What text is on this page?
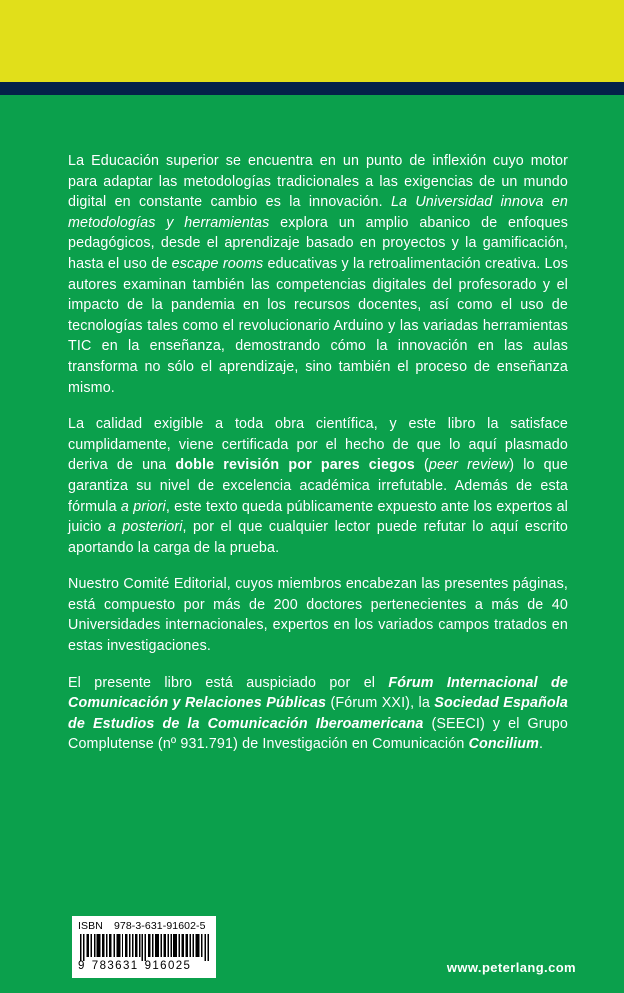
La Educación superior se encuentra en un punto de inflexión cuyo motor para adaptar las metodologías tradicionales a las exigencias de un mundo digital en constante cambio es la innovación. La Universidad innova en metodologías y herramientas explora un amplio abanico de enfoques pedagógicos, desde el aprendizaje basado en proyectos y la gamificación, hasta el uso de escape rooms educativas y la retroalimentación creativa. Los autores examinan también las competencias digitales del profesorado y el impacto de la pandemia en los recursos docentes, así como el uso de tecnologías tales como el revolucionario Arduino y las variadas herramientas TIC en la enseñanza, demostrando cómo la innovación en las aulas transforma no sólo el aprendizaje, sino también el proceso de enseñanza mismo.

La calidad exigible a toda obra científica, y este libro la satisface cumplidamente, viene certificada por el hecho de que lo aquí plasmado deriva de una doble revisión por pares ciegos (peer review) lo que garantiza su nivel de excelencia académica irrefutable. Además de esta fórmula a priori, este texto queda públicamente expuesto ante los expertos al juicio a posteriori, por el que cualquier lector puede refutar lo aquí escrito aportando la carga de la prueba.

Nuestro Comité Editorial, cuyos miembros encabezan las presentes páginas, está compuesto por más de 200 doctores pertenecientes a más de 40 Universidades internacionales, expertos en los variados campos tratados en estas investigaciones.

El presente libro está auspiciado por el Fórum Internacional de Comunicación y Relaciones Públicas (Fórum XXI), la Sociedad Española de Estudios de la Comunicación Iberoamericana (SEECI) y el Grupo Complutense (nº 931.791) de Investigación en Comunicación Concilium.

ISBN 978-3-631-91602-5
9 783631 916025	www.peterlang.com
